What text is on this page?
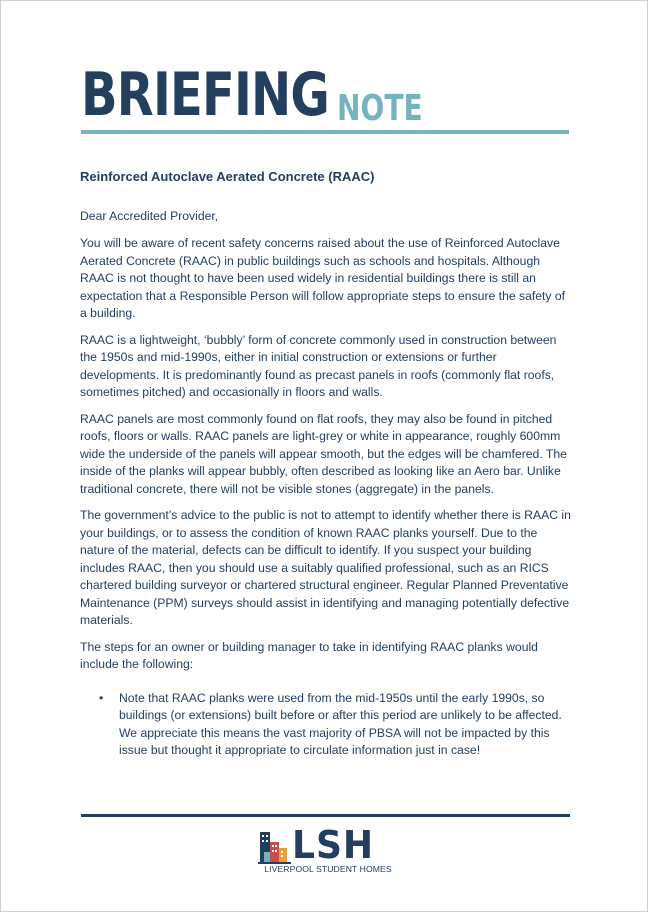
BRIEFING NOTE
Reinforced Autoclave Aerated Concrete (RAAC)
Dear Accredited Provider,

You will be aware of recent safety concerns raised about the use of Reinforced Autoclave Aerated Concrete (RAAC) in public buildings such as schools and hospitals. Although RAAC is not thought to have been used widely in residential buildings there is still an expectation that a Responsible Person will follow appropriate steps to ensure the safety of a building.

RAAC is a lightweight, ‘bubbly’ form of concrete commonly used in construction between the 1950s and mid-1990s, either in initial construction or extensions or further developments. It is predominantly found as precast panels in roofs (commonly flat roofs, sometimes pitched) and occasionally in floors and walls.

RAAC panels are most commonly found on flat roofs, they may also be found in pitched roofs, floors or walls. RAAC panels are light-grey or white in appearance, roughly 600mm wide the underside of the panels will appear smooth, but the edges will be chamfered. The inside of the planks will appear bubbly, often described as looking like an Aero bar. Unlike traditional concrete, there will not be visible stones (aggregate) in the panels.

The government’s advice to the public is not to attempt to identify whether there is RAAC in your buildings, or to assess the condition of known RAAC planks yourself. Due to the nature of the material, defects can be difficult to identify. If you suspect your building includes RAAC, then you should use a suitably qualified professional, such as an RICS chartered building surveyor or chartered structural engineer. Regular Planned Preventative Maintenance (PPM) surveys should assist in identifying and managing potentially defective materials.

The steps for an owner or building manager to take in identifying RAAC planks would include the following:

• Note that RAAC planks were used from the mid-1950s until the early 1990s, so buildings (or extensions) built before or after this period are unlikely to be affected. We appreciate this means the vast majority of PBSA will not be impacted by this issue but thought it appropriate to circulate information just in case!
LSH
LIVERPOOL STUDENT HOMES
